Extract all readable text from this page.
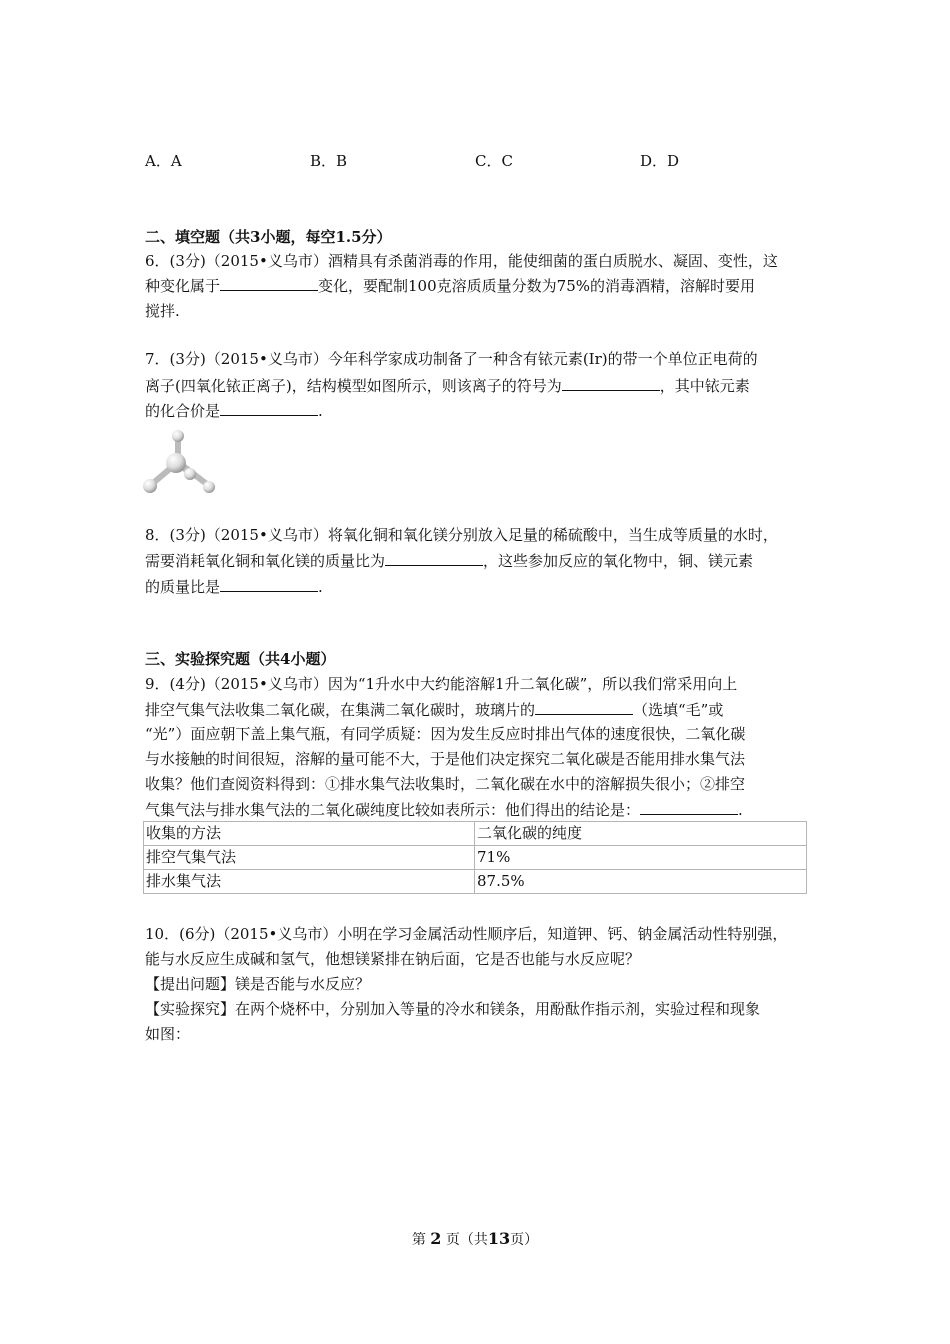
A．A	B．B	C．C	D．D
二、填空题（共3小题，每空1.5分）
6．(3分)（2015•义乌市）酒精具有杀菌消毒的作用，能使细菌的蛋白质脱水、凝固、变性，这
种变化属于	变化，要配制100克溶质质量分数为75%的消毒酒精，溶解时要用
搅拌.
7．(3分)（2015•义乌市）今年科学家成功制备了一种含有铱元素(Ir)的带一个单位正电荷的
离子(四氧化铱正离子)，结构模型如图所示，则该离子的符号为	，其中铱元素
的化合价是	.
8．(3分)（2015•义乌市）将氧化铜和氧化镁分别放入足量的稀硫酸中，当生成等质量的水时，
需要消耗氧化铜和氧化镁的质量比为	，这些参加反应的氧化物中，铜、镁元素
的质量比是	.
三、实验探究题（共4小题）
9．(4分)（2015•义乌市）因为“1升水中大约能溶解1升二氧化碳”，所以我们常采用向上
排空气集气法收集二氧化碳，在集满二氧化碳时，玻璃片的	（选填“毛”或
“光”）面应朝下盖上集气瓶，有同学质疑：因为发生反应时排出气体的速度很快，二氧化碳
与水接触的时间很短，溶解的量可能不大，于是他们决定探究二氧化碳是否能用排水集气法
收集？他们查阅资料得到：①排水集气法收集时，二氧化碳在水中的溶解损失很小；②排空
气集气法与排水集气法的二氧化碳纯度比较如表所示：他们得出的结论是：	.
收集的方法	二氧化碳的纯度
排空气集气法	71%
排水集气法	87.5%
10．(6分)（2015•义乌市）小明在学习金属活动性顺序后，知道钾、钙、钠金属活动性特别强，
能与水反应生成碱和氢气，他想镁紧排在钠后面，它是否也能与水反应呢？
【提出问题】镁是否能与水反应？
【实验探究】在两个烧杯中，分别加入等量的冷水和镁条，用酚酞作指示剂，实验过程和现象
如图：
第 2 页（共13页）
